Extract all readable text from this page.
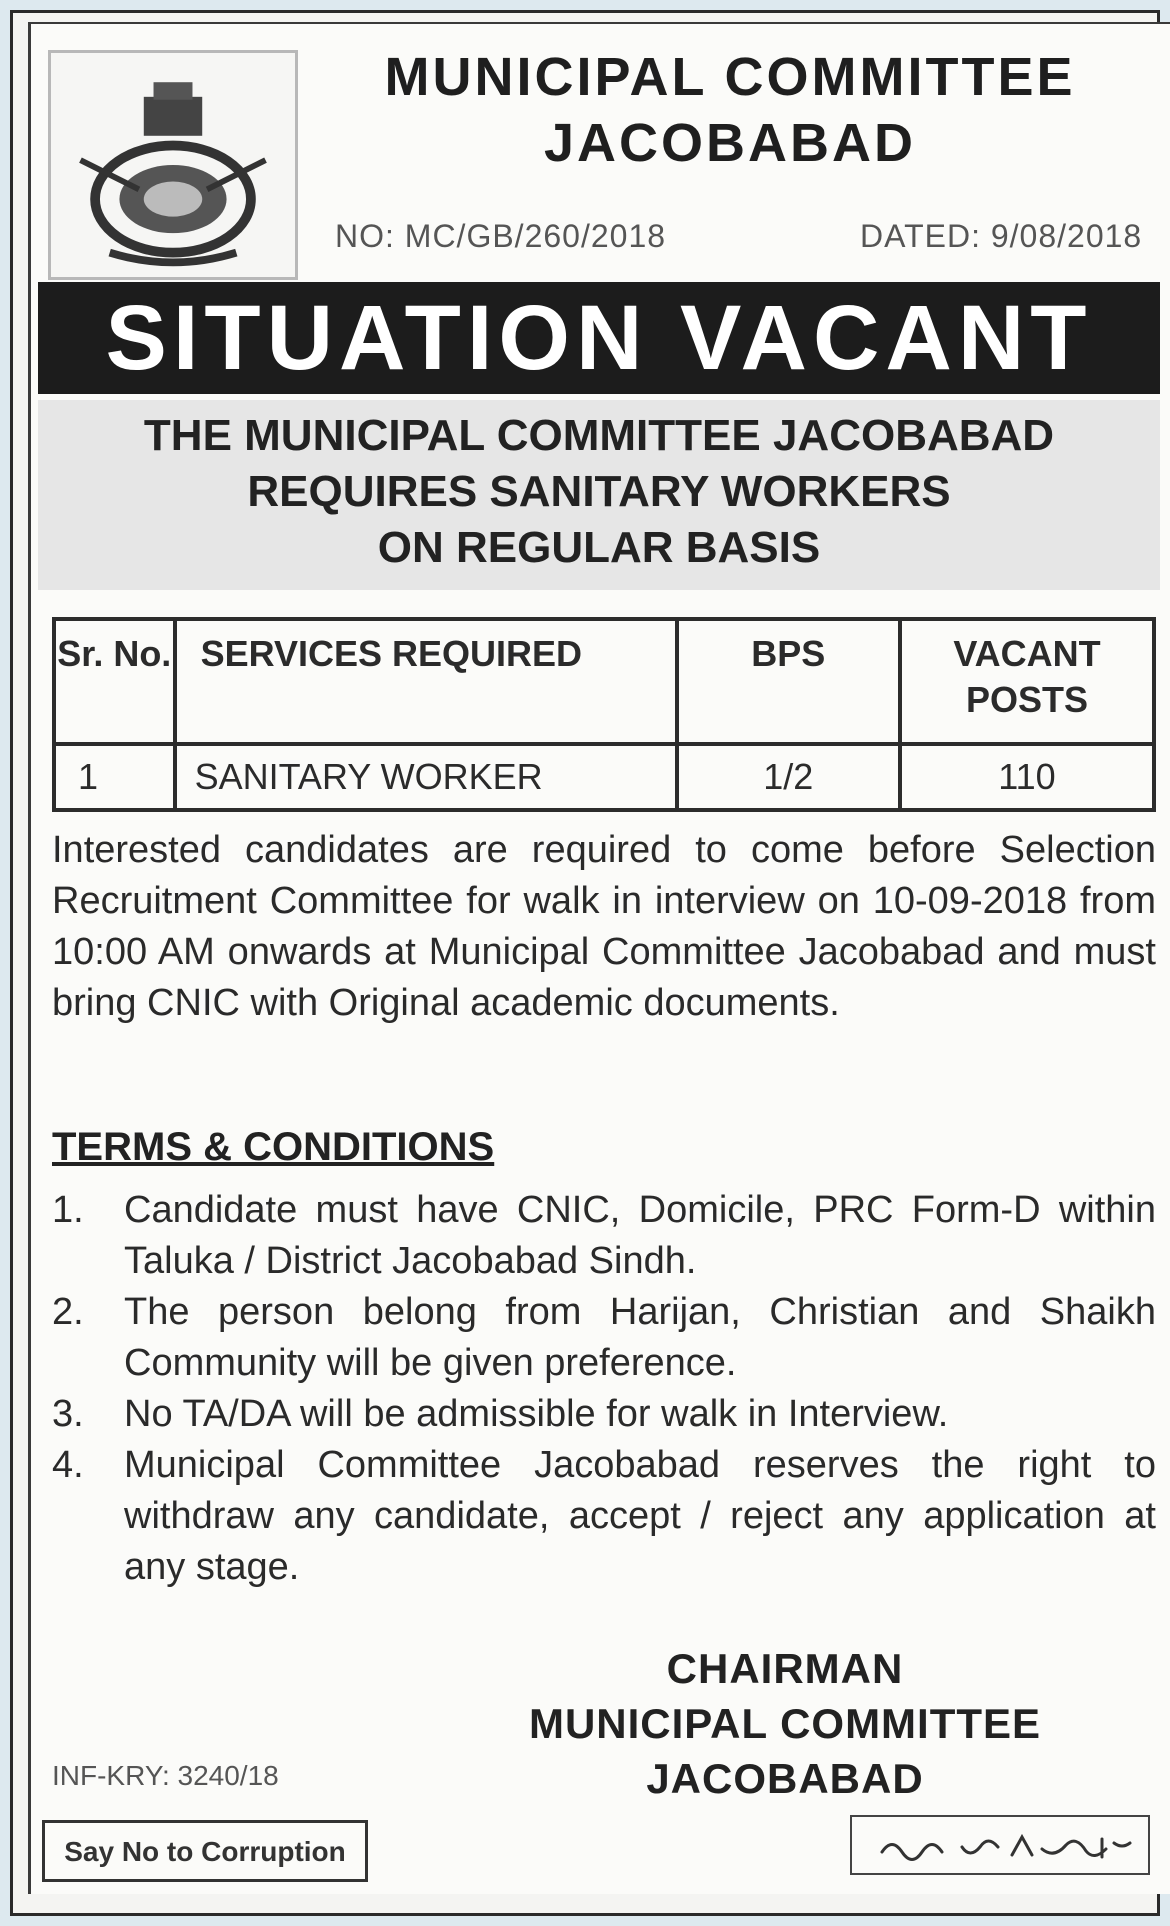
MUNICIPAL COMMITTEE
JACOBABAD
NO: MC/GB/260/2018	DATED: 9/08/2018
SITUATION VACANT
THE MUNICIPAL COMMITTEE JACOBABAD
REQUIRES SANITARY WORKERS
ON REGULAR BASIS
Sr. No.	SERVICES REQUIRED	BPS	VACANT POSTS
1	SANITARY WORKER	1/2	110
Interested candidates are required to come before Selection Recruitment Committee for walk in interview on 10-09-2018 from 10:00 AM onwards at Municipal Committee Jacobabad and must bring CNIC with Original academic documents.
TERMS & CONDITIONS
1.	Candidate must have CNIC, Domicile, PRC Form-D within Taluka / District Jacobabad Sindh.
2.	The person belong from Harijan, Christian and Shaikh Community will be given preference.
3.	No TA/DA will be admissible for walk in Interview.
4.	Municipal Committee Jacobabad reserves the right to withdraw any candidate, accept / reject any application at any stage.
CHAIRMAN
MUNICIPAL COMMITTEE
JACOBABAD
INF-KRY: 3240/18
Say No to Corruption
